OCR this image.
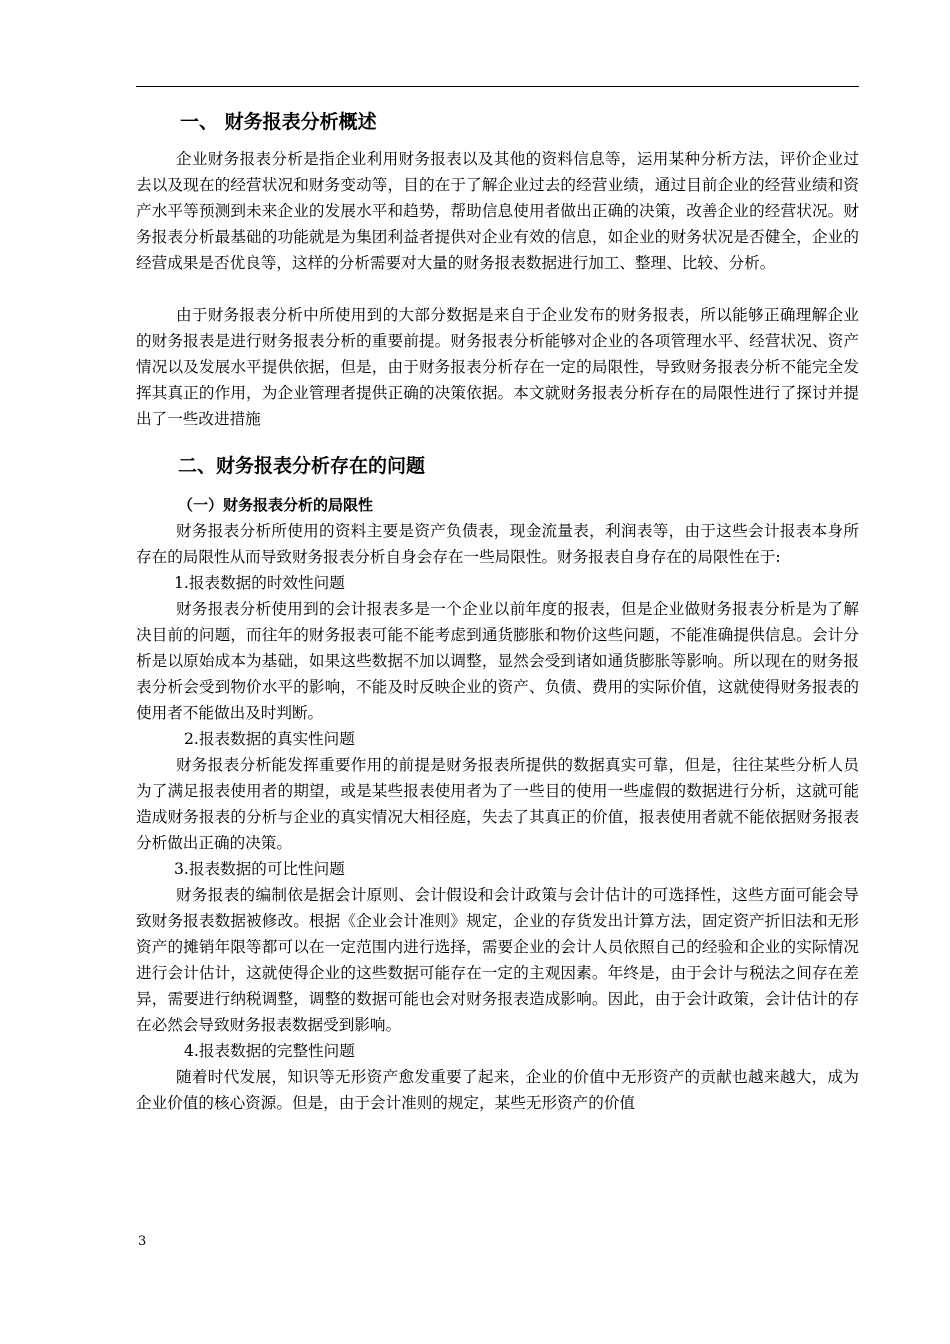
一、 财务报表分析概述

企业财务报表分析是指企业利用财务报表以及其他的资料信息等，运用某种分析方法，评价企业过去以及现在的经营状况和财务变动等，目的在于了解企业过去的经营业绩，通过目前企业的经营业绩和资产水平等预测到未来企业的发展水平和趋势，帮助信息使用者做出正确的决策，改善企业的经营状况。财务报表分析最基础的功能就是为集团利益者提供对企业有效的信息，如企业的财务状况是否健全，企业的经营成果是否优良等，这样的分析需要对大量的财务报表数据进行加工、整理、比较、分析。

由于财务报表分析中所使用到的大部分数据是来自于企业发布的财务报表，所以能够正确理解企业的财务报表是进行财务报表分析的重要前提。财务报表分析能够对企业的各项管理水平、经营状况、资产情况以及发展水平提供依据，但是，由于财务报表分析存在一定的局限性，导致财务报表分析不能完全发挥其真正的作用，为企业管理者提供正确的决策依据。本文就财务报表分析存在的局限性进行了探讨并提出了一些改进措施

二、财务报表分析存在的问题
（一）财务报表分析的局限性

财务报表分析所使用的资料主要是资产负债表，现金流量表，利润表等，由于这些会计报表本身所存在的局限性从而导致财务报表分析自身会存在一些局限性。财务报表自身存在的局限性在于:

1.报表数据的时效性问题

财务报表分析使用到的会计报表多是一个企业以前年度的报表，但是企业做财务报表分析是为了解决目前的问题，而往年的财务报表可能不能考虑到通货膨胀和物价这些问题，不能准确提供信息。会计分析是以原始成本为基础，如果这些数据不加以调整，显然会受到诸如通货膨胀等影响。所以现在的财务报表分析会受到物价水平的影响，不能及时反映企业的资产、负债、费用的实际价值，这就使得财务报表的使用者不能做出及时判断。

2.报表数据的真实性问题

财务报表分析能发挥重要作用的前提是财务报表所提供的数据真实可靠，但是，往往某些分析人员为了满足报表使用者的期望，或是某些报表使用者为了一些目的使用一些虚假的数据进行分析，这就可能造成财务报表的分析与企业的真实情况大相径庭，失去了其真正的价值，报表使用者就不能依据财务报表分析做出正确的决策。

3.报表数据的可比性问题

财务报表的编制依是据会计原则、会计假设和会计政策与会计估计的可选择性，这些方面可能会导致财务报表数据被修改。根据《企业会计准则》规定，企业的存货发出计算方法，固定资产折旧法和无形资产的摊销年限等都可以在一定范围内进行选择，需要企业的会计人员依照自己的经验和企业的实际情况进行会计估计，这就使得企业的这些数据可能存在一定的主观因素。年终是，由于会计与税法之间存在差异，需要进行纳税调整，调整的数据可能也会对财务报表造成影响。因此，由于会计政策，会计估计的存在必然会导致财务报表数据受到影响。

4.报表数据的完整性问题

随着时代发展，知识等无形资产愈发重要了起来，企业的价值中无形资产的贡献也越来越大，成为企业价值的核心资源。但是，由于会计准则的规定，某些无形资产的价值

3
